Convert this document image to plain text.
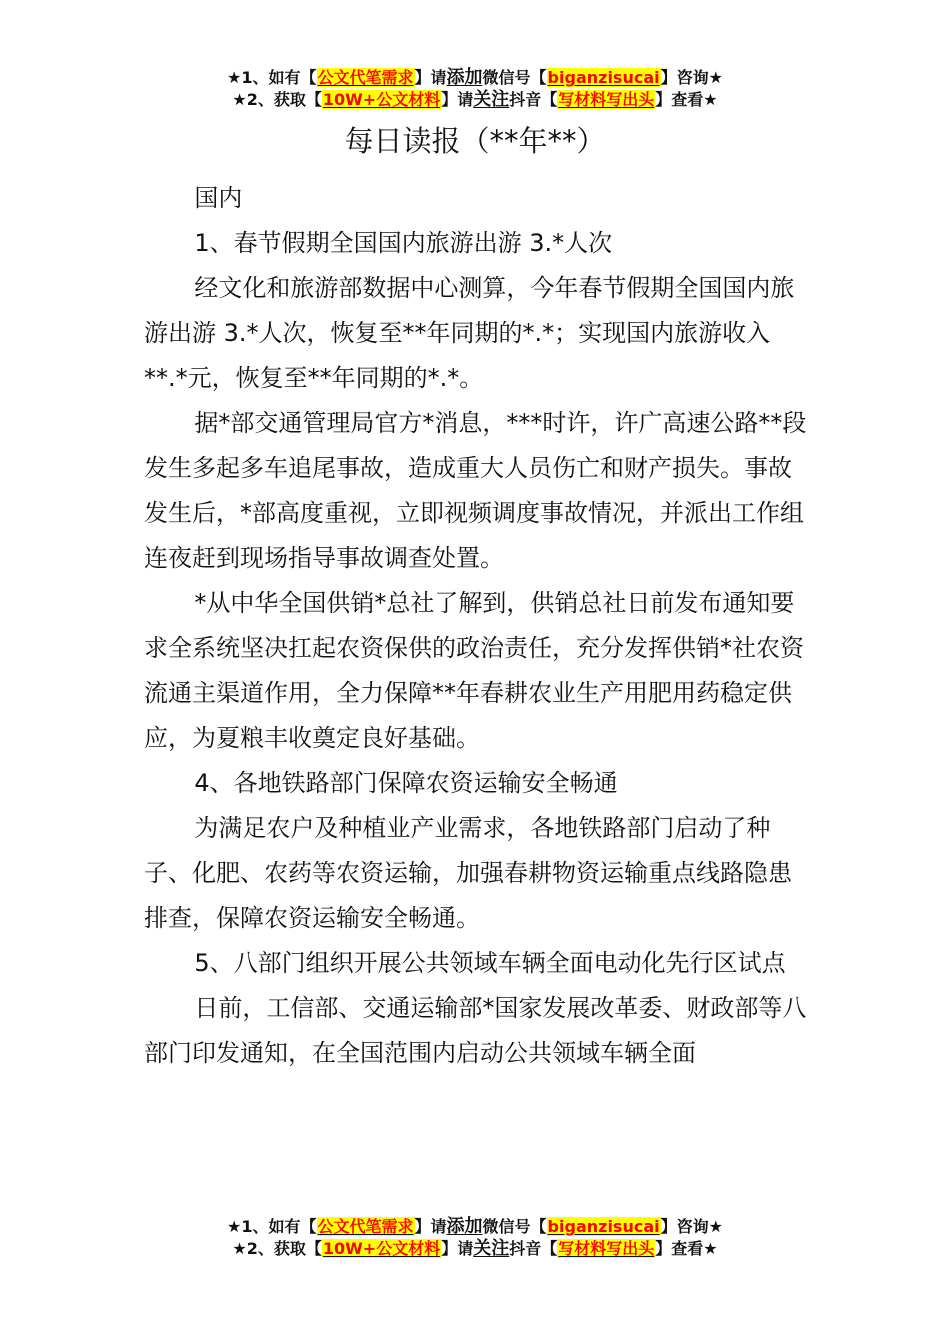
★1、如有【公文代笔需求】请添加微信号【biganzisucai】咨询★
★2、获取【10W+公文材料】请关注抖音【写材料写出头】查看★
每日读报（**年**）

国内

1、春节假期全国国内旅游出游 3.*人次

经文化和旅游部数据中心测算，今年春节假期全国国内旅游出游 3.*人次，恢复至**年同期的*.*；实现国内旅游收入**.*元，恢复至**年同期的*.*。

据*部交通管理局官方*消息，***时许，许广高速公路**段发生多起多车追尾事故，造成重大人员伤亡和财产损失。事故发生后，*部高度重视，立即视频调度事故情况，并派出工作组连夜赶到现场指导事故调查处置。

*从中华全国供销*总社了解到，供销总社日前发布通知要求全系统坚决扛起农资保供的政治责任，充分发挥供销*社农资流通主渠道作用，全力保障**年春耕农业生产用肥用药稳定供应，为夏粮丰收奠定良好基础。

4、各地铁路部门保障农资运输安全畅通

为满足农户及种植业产业需求，各地铁路部门启动了种子、化肥、农药等农资运输，加强春耕物资运输重点线路隐患排查，保障农资运输安全畅通。

5、八部门组织开展公共领域车辆全面电动化先行区试点

日前，工信部、交通运输部*国家发展改革委、财政部等八部门印发通知，在全国范围内启动公共领域车辆全面

★1、如有【公文代笔需求】请添加微信号【biganzisucai】咨询★
★2、获取【10W+公文材料】请关注抖音【写材料写出头】查看★
